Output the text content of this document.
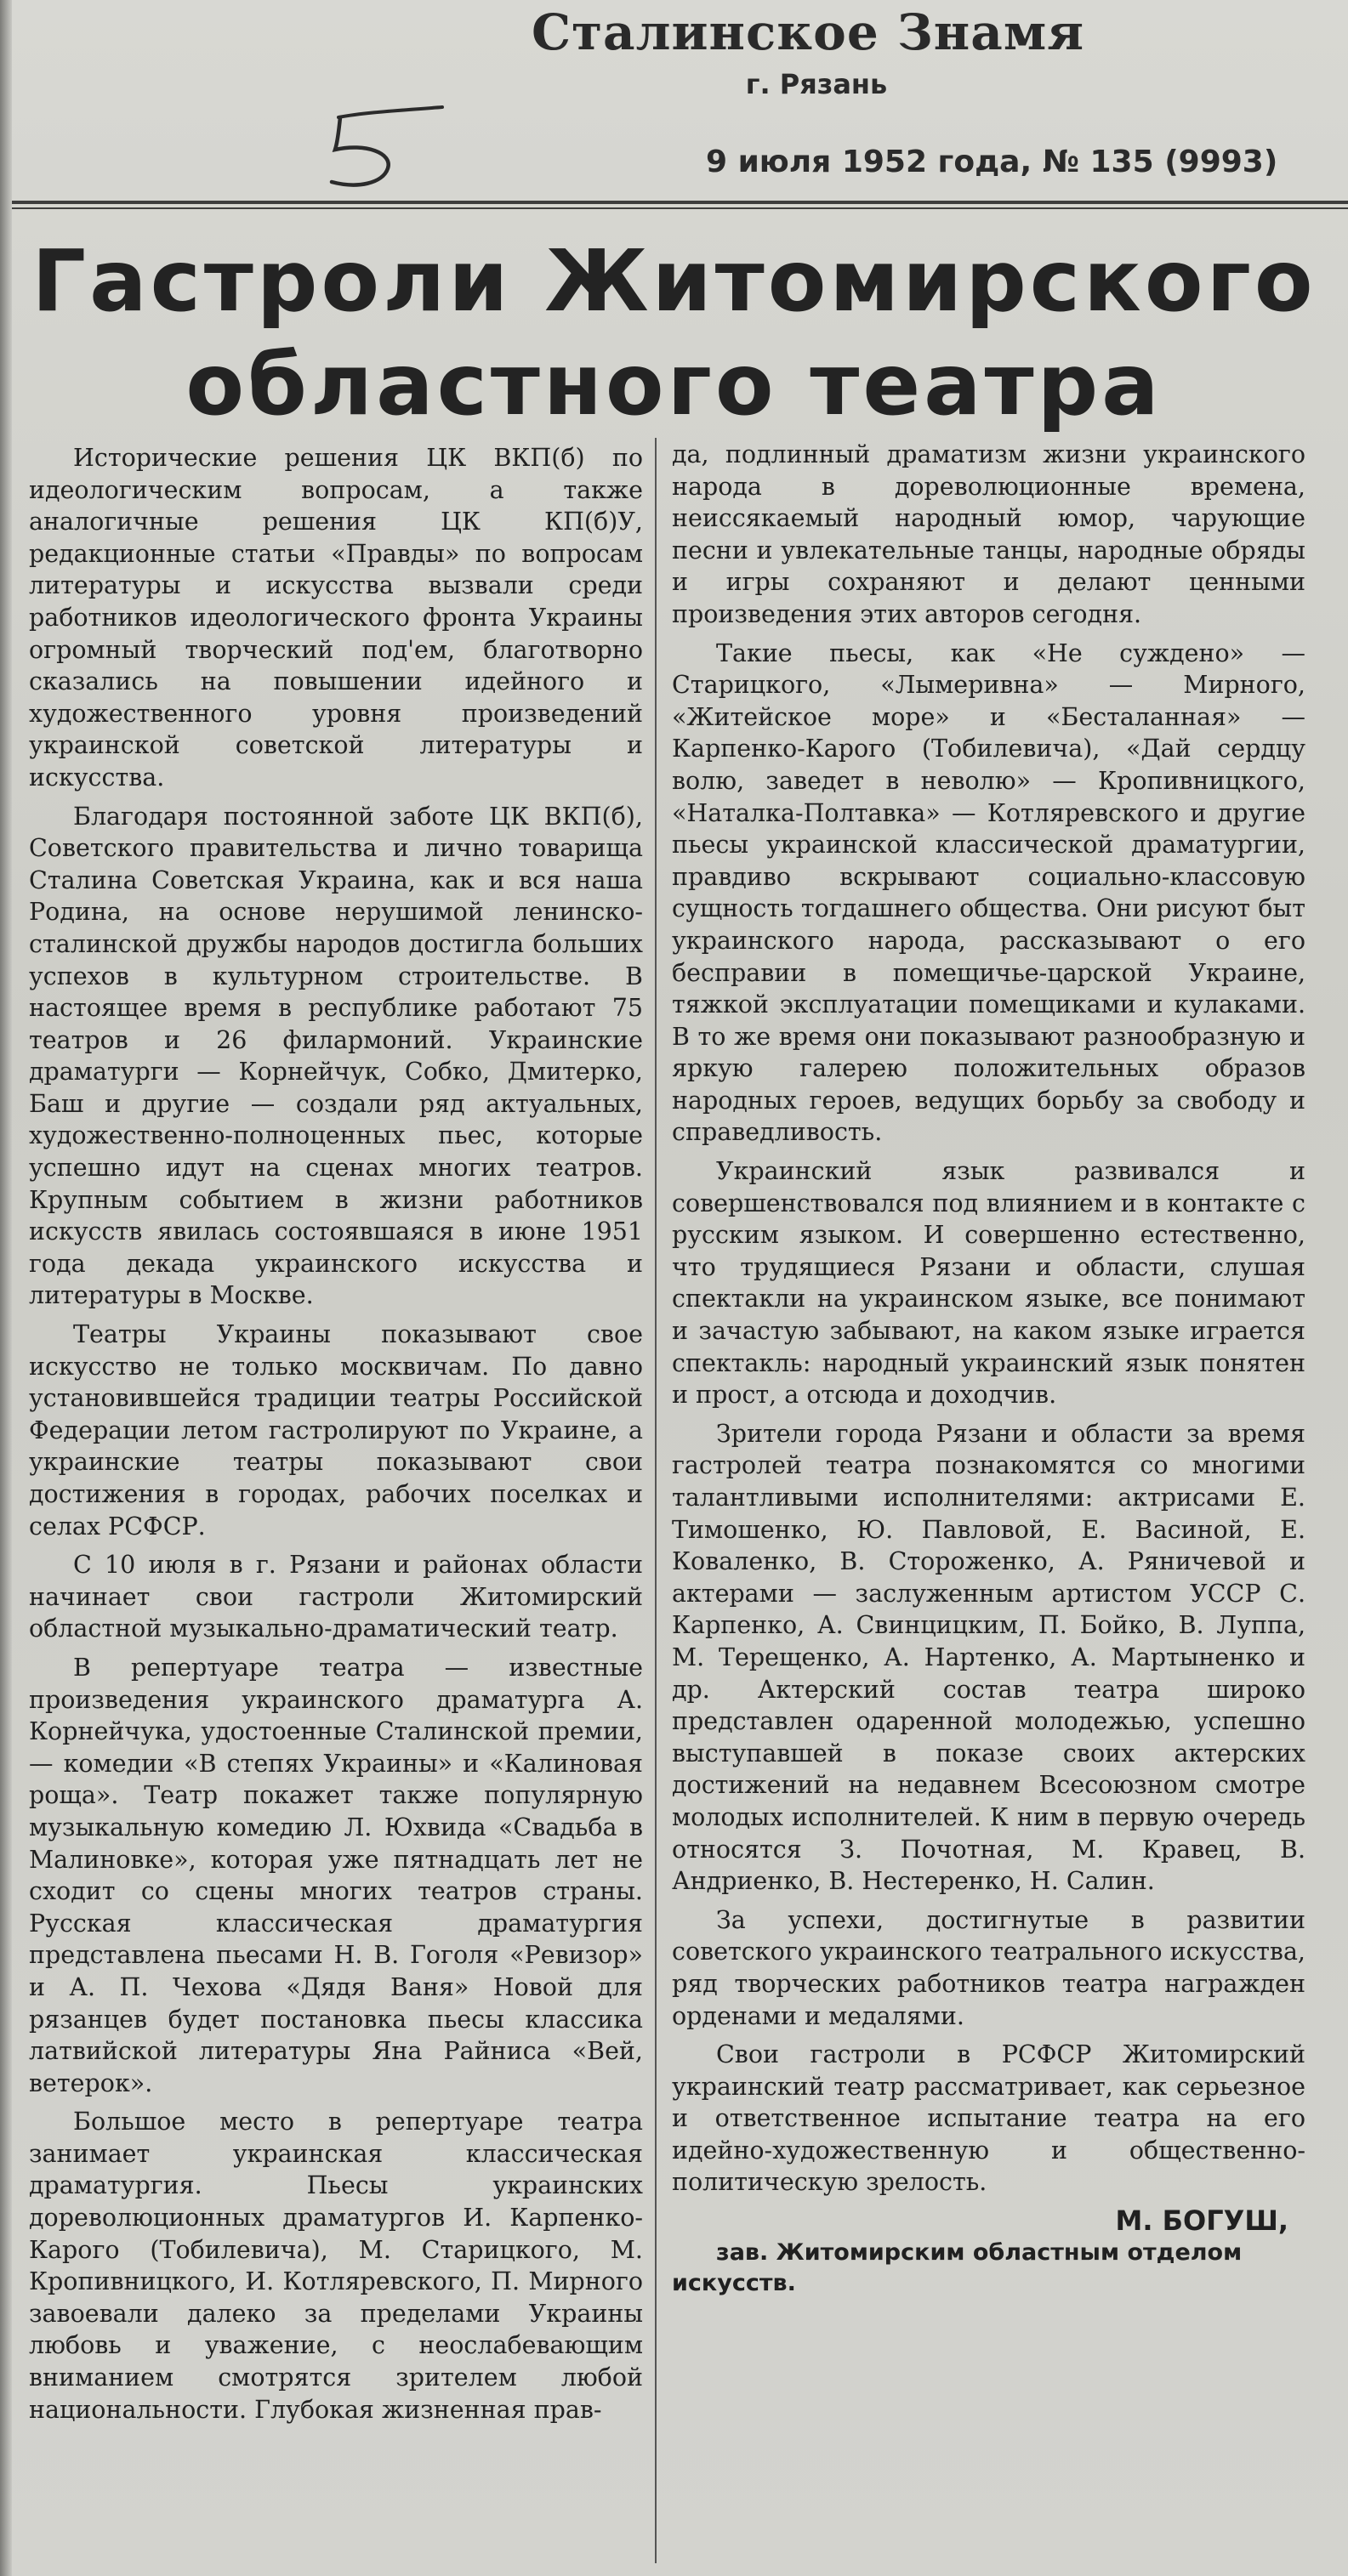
Сталинское Знамя
г. Рязань
9 июля 1952 года, № 135 (9993)
Гастроли Житомирского
областного театра

Исторические решения ЦК ВКП(б) по идеологическим вопросам, а также аналогичные решения ЦК КП(б)У, редакционные статьи «Правды» по вопросам литературы и искусства вызвали среди работников идеологического фронта Украины огромный творческий под'ем, благотворно сказались на повышении идейного и художественного уровня произведений украинской советской литературы и искусства.

Благодаря постоянной заботе ЦК ВКП(б), Советского правительства и лично товарища Сталина Советская Украина, как и вся наша Родина, на основе нерушимой ленинско-сталинской дружбы народов достигла больших успехов в культурном строительстве. В настоящее время в республике работают 75 театров и 26 филармоний. Украинские драматурги — Корнейчук, Собко, Дмитерко, Баш и другие — создали ряд актуальных, художественно-полноценных пьес, которые успешно идут на сценах многих театров. Крупным событием в жизни работников искусств явилась состоявшаяся в июне 1951 года декада украинского искусства и литературы в Москве.

Театры Украины показывают свое искусство не только москвичам. По давно установившейся традиции театры Российской Федерации летом гастролируют по Украине, а украинские театры показывают свои достижения в городах, рабочих поселках и селах РСФСР.

С 10 июля в г. Рязани и районах области начинает свои гастроли Житомирский областной музыкально-драматический театр.

В репертуаре театра — известные произведения украинского драматурга А. Корнейчука, удостоенные Сталинской премии, — комедии «В степях Украины» и «Калиновая роща». Театр покажет также популярную музыкальную комедию Л. Юхвида «Свадьба в Малиновке», которая уже пятнадцать лет не сходит со сцены многих театров страны. Русская классическая драматургия представлена пьесами Н. В. Гоголя «Ревизор» и А. П. Чехова «Дядя Ваня» Новой для рязанцев будет постановка пьесы классика латвийской литературы Яна Райниса «Вей, ветерок».

Большое место в репертуаре театра занимает украинская классическая драматургия. Пьесы украинских дореволюционных драматургов И. Карпенко-Карого (Тобилевича), М. Старицкого, М. Кропивницкого, И. Котляревского, П. Мирного завоевали далеко за пределами Украины любовь и уважение, с неослабевающим вниманием смотрятся зрителем любой национальности. Глубокая жизненная прав-

да, подлинный драматизм жизни украинского народа в дореволюционные времена, неиссякаемый народный юмор, чарующие песни и увлекательные танцы, народные обряды и игры сохраняют и делают ценными произведения этих авторов сегодня.

Такие пьесы, как «Не суждено» — Старицкого, «Лымеривна» — Мирного, «Житейское море» и «Бесталанная» — Карпенко-Карого (Тобилевича), «Дай сердцу волю, заведет в неволю» — Кропивницкого, «Наталка-Полтавка» — Котляревского и другие пьесы украинской классической драматургии, правдиво вскрывают социально-классовую сущность тогдашнего общества. Они рисуют быт украинского народа, рассказывают о его бесправии в помещичье-царской Украине, тяжкой эксплуатации помещиками и кулаками. В то же время они показывают разнообразную и яркую галерею положительных образов народных героев, ведущих борьбу за свободу и справедливость.

Украинский язык развивался и совершенствовался под влиянием и в контакте с русским языком. И совершенно естественно, что трудящиеся Рязани и области, слушая спектакли на украинском языке, все понимают и зачастую забывают, на каком языке играется спектакль: народный украинский язык понятен и прост, а отсюда и доходчив.

Зрители города Рязани и области за время гастролей театра познакомятся со многими талантливыми исполнителями: актрисами Е. Тимошенко, Ю. Павловой, Е. Васиной, Е. Коваленко, В. Стороженко, А. Ряничевой и актерами — заслуженным артистом УССР С. Карпенко, А. Свинцицким, П. Бойко, В. Луппа, М. Терещенко, А. Нартенко, А. Мартыненко и др. Актерский состав театра широко представлен одаренной молодежью, успешно выступавшей в показе своих актерских достижений на недавнем Всесоюзном смотре молодых исполнителей. К ним в первую очередь относятся З. Почотная, М. Кравец, В. Андриенко, В. Нестеренко, Н. Салин.

За успехи, достигнутые в развитии советского украинского театрального искусства, ряд творческих работников театра награжден орденами и медалями.

Свои гастроли в РСФСР Житомирский украинский театр рассматривает, как серьезное и ответственное испытание театра на его идейно-художественную и общественно-политическую зрелость.

М. БОГУШ,

зав. Житомирским областным отделом искусств.
